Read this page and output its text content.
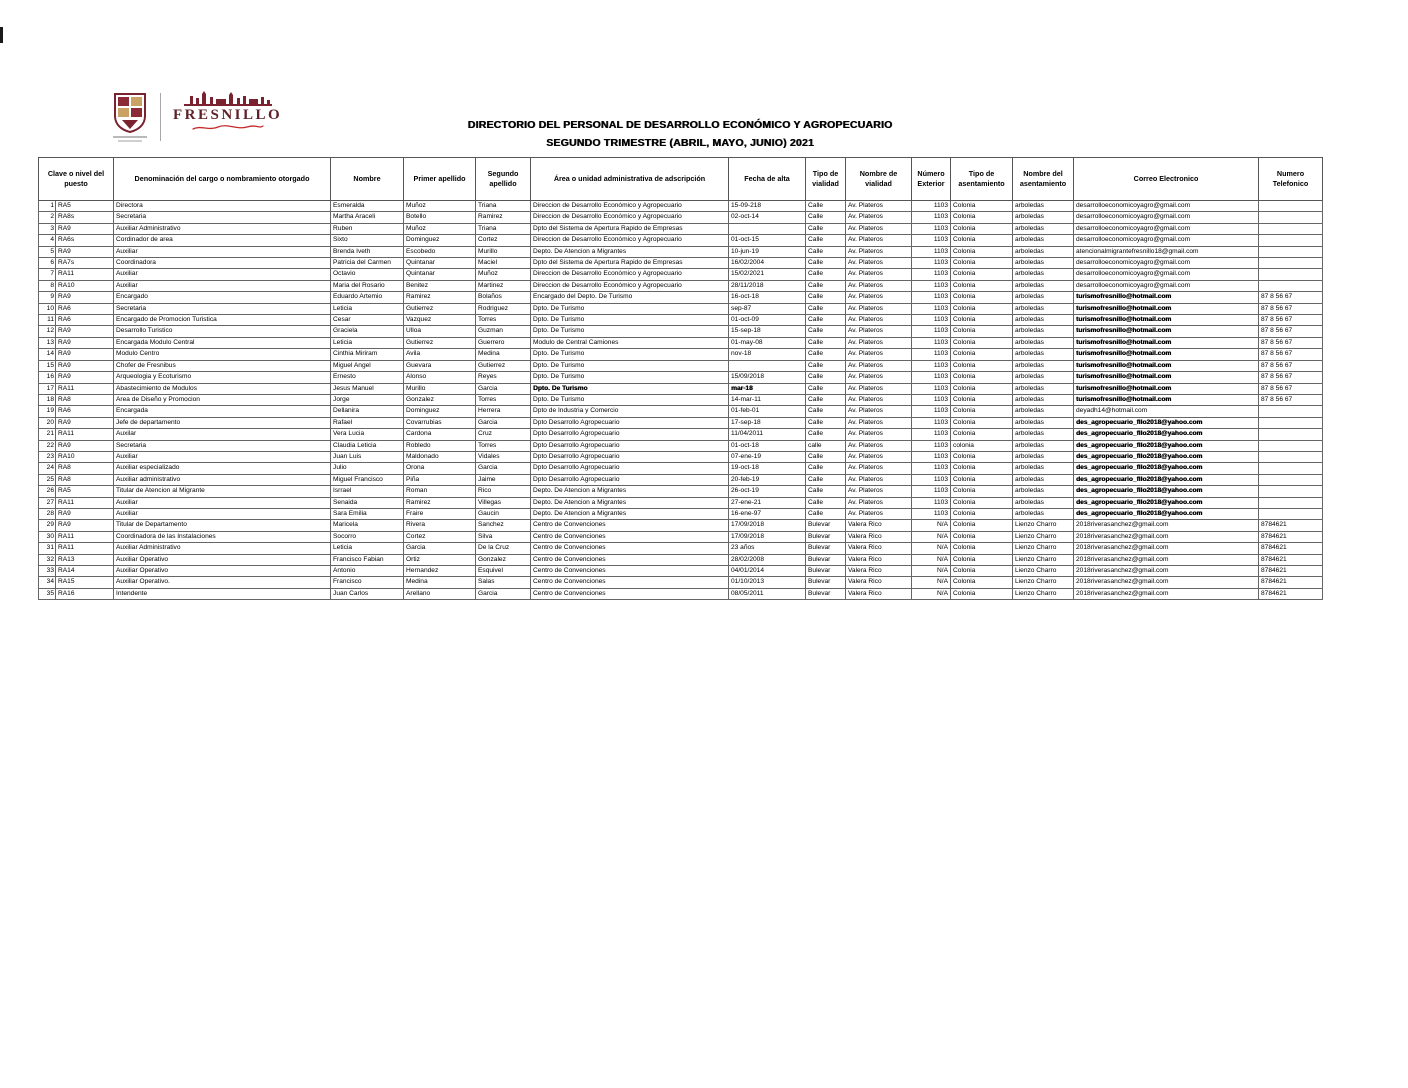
FRESNILLO
DIRECTORIO DEL PERSONAL DE DESARROLLO ECONÓMICO Y AGROPECUARIO
SEGUNDO TRIMESTRE (ABRIL, MAYO, JUNIO) 2021
Clave o nivel del puesto		Denominación del cargo o nombramiento otorgado	Nombre	Primer apellido	Segundo apellido	Área o unidad administrativa de adscripción	Fecha de alta	Tipo de vialidad	Nombre de vialidad	Número Exterior	Tipo de asentamiento	Nombre del asentamiento	Correo Electronico	Numero Telefonico
1	RA5	Directora	Esmeralda	Muñoz	Triana	Direccion de Desarrollo Económico y Agropecuario	15-09-218	Calle	Av. Plateros	1103	Colonia	arboledas	desarrolloeconomicoyagro@gmail.com	
2	RA8s	Secretaria	Martha Araceli	Botello	Ramirez	Direccion de Desarrollo Económico y Agropecuario	02-oct-14	Calle	Av. Plateros	1103	Colonia	arboledas	desarrolloeconomicoyagro@gmail.com	
3	RA9	Auxiliar Administrativo	Ruben	Muñoz	Triana	Dpto del Sistema de Apertura Rapido de Empresas		Calle	Av. Plateros	1103	Colonia	arboledas	desarrolloeconomicoyagro@gmail.com	
4	RA6s	Cordinador de area	Sixto	Dominguez	Cortez	Direccion de Desarrollo Económico y Agropecuario	01-oct-15	Calle	Av. Plateros	1103	Colonia	arboledas	desarrolloeconomicoyagro@gmail.com	
5	RA9	Auxiliar	Brenda Iveth	Escobedo	Murillo	Depto. De Atencion a Migrantes	10-jun-19	Calle	Av. Plateros	1103	Colonia	arboledas	atencionalmigrantefresnillo18@gmail.com	
6	RA7s	Coordinadora	Patricia del Carmen	Quintanar	Maciel	Dpto del Sistema de Apertura Rapido de Empresas	16/02/2004	Calle	Av. Plateros	1103	Colonia	arboledas	desarrolloeconomicoyagro@gmail.com	
7	RA11	Auxiliar	Octavio	Quintanar	Muñoz	Direccion de Desarrollo Económico y Agropecuario	15/02/2021	Calle	Av. Plateros	1103	Colonia	arboledas	desarrolloeconomicoyagro@gmail.com	
8	RA10	Auxiliar	Maria del Rosario	Benitez	Martinez	Direccion de Desarrollo Económico y Agropecuario	28/11/2018	Calle	Av. Plateros	1103	Colonia	arboledas	desarrolloeconomicoyagro@gmail.com	
9	RA9	Encargado	Eduardo Artemio	Ramirez	Bolaños	Encargado del Depto. De Turismo	16-oct-18	Calle	Av. Plateros	1103	Colonia	arboledas	turismofresnillo@hotmail.com	87 8 56 67
10	RA6	Secretaria	Leticia	Gutierrez	Rodriguez	Dpto. De Turismo	sep-87	Calle	Av. Plateros	1103	Colonia	arboledas	turismofresnillo@hotmail.com	87 8 56 67
11	RA6	Encargado de Promocion Turistica	Cesar	Vazquez	Torres	Dpto. De Turismo	01-oct-09	Calle	Av. Plateros	1103	Colonia	arboledas	turismofresnillo@hotmail.com	87 8 56 67
12	RA9	Desarrollo Turistico	Graciela	Ulloa	Guzman	Dpto. De Turismo	15-sep-18	Calle	Av. Plateros	1103	Colonia	arboledas	turismofresnillo@hotmail.com	87 8 56 67
13	RA9	Encargada Modulo Central	Leticia	Gutierrez	Guerrero	Modulo de Central Camiones	01-may-08	Calle	Av. Plateros	1103	Colonia	arboledas	turismofresnillo@hotmail.com	87 8 56 67
14	RA9	Modulo Centro	Cinthia Miriram	Avila	Medina	Dpto. De Turismo	nov-18	Calle	Av. Plateros	1103	Colonia	arboledas	turismofresnillo@hotmail.com	87 8 56 67
15	RA9	Chofer de Fresnibus	Miguel Angel	Guevara	Gutierrez	Dpto. De Turismo		Calle	Av. Plateros	1103	Colonia	arboledas	turismofresnillo@hotmail.com	87 8 56 67
16	RA9	Arqueologia y Ecoturismo	Ernesto	Alonso	Reyes	Dpto. De Turismo	15/09/2018	Calle	Av. Plateros	1103	Colonia	arboledas	turismofresnillo@hotmail.com	87 8 56 67
17	RA11	Abastecimiento de Modulos	Jesus Manuel	Murillo	Garcia	Dpto. De Turismo	mar-18	Calle	Av. Plateros	1103	Colonia	arboledas	turismofresnillo@hotmail.com	87 8 56 67
18	RA8	Area de Diseño y Promocion	Jorge	Gonzalez	Torres	Dpto. De Turismo	14-mar-11	Calle	Av. Plateros	1103	Colonia	arboledas	turismofresnillo@hotmail.com	87 8 56 67
19	RA6	Encargada	Dellanira	Dominguez	Herrera	Dpto de Industria y Comercio	01-feb-01	Calle	Av. Plateros	1103	Colonia	arboledas	deyadh14@hotmail.com	
20	RA9	Jefe de departamento	Rafael	Covarrubias	Garcia	Dpto Desarrollo Agropecuario	17-sep-18	Calle	Av. Plateros	1103	Colonia	arboledas	des_agropecuario_fllo2018@yahoo.com	
21	RA11	Auxilar	Vera Lucia	Cardona	Cruz	Dpto Desarrollo Agropecuario	11/04/2011	Calle	Av. Plateros	1103	Colonia	arboledas	des_agropecuario_fllo2018@yahoo.com	
22	RA9	Secretaria	Claudia Leticia	Robledo	Torres	Dpto Desarrollo Agropecuario	01-oct-18	calle	Av. Plateros	1103	colonia	arboledas	des_agropecuario_fllo2018@yahoo.com	
23	RA10	Auxiliar	Juan Luis	Maldonado	Vidales	Dpto Desarrollo Agropecuario	07-ene-19	Calle	Av. Plateros	1103	Colonia	arboledas	des_agropecuario_fllo2018@yahoo.com	
24	RA8	Auxiliar especializado	Julio	Orona	Garcia	Dpto Desarrollo Agropecuario	19-oct-18	Calle	Av. Plateros	1103	Colonia	arboledas	des_agropecuario_fllo2018@yahoo.com	
25	RA8	Auxiliar administrativo	Miguel Francisco	Piña	Jaime	Dpto Desarrollo Agropecuario	20-feb-19	Calle	Av. Plateros	1103	Colonia	arboledas	des_agropecuario_fllo2018@yahoo.com	
26	RA5	Titular de Atencion al Migrante	Isrrael	Roman	Rico	Depto. De Atencion a Migrantes	26-oct-19	Calle	Av. Plateros	1103	Colonia	arboledas	des_agropecuario_fllo2018@yahoo.com	
27	RA11	Auxiliar	Senaida	Ramirez	Villegas	Depto. De Atencion a Migrantes	27-ene-21	Calle	Av. Plateros	1103	Colonia	arboledas	des_agropecuario_fllo2018@yahoo.com	
28	RA9	Auxiliar	Sara Emilia	Fraire	Gaucin	Depto. De Atencion a Migrantes	16-ene-97	Calle	Av. Plateros	1103	Colonia	arboledas	des_agropecuario_fllo2018@yahoo.com	
29	RA9	Titular de Departamento	Maricela	Rivera	Sanchez	Centro de Convenciones	17/09/2018	Bulevar	Valera Rico	N/A	Colonia	Lienzo Charro	2018riverasanchez@gmail.com	8784621
30	RA11	Coordinadora de las Instalaciones	Socorro	Cortez	Silva	Centro de Convenciones	17/09/2018	Bulevar	Valera Rico	N/A	Colonia	Lienzo Charro	2018riverasanchez@gmail.com	8784621
31	RA11	Auxiliar Administrativo	Leticia	Garcia	De la Cruz	Centro de Convenciones	23 años	Bulevar	Valera Rico	N/A	Colonia	Lienzo Charro	2018riverasanchez@gmail.com	8784621
32	RA13	Auxiliar Operativo	Francisco Fabian	Ortiz	Gonzalez	Centro de Convenciones	28/02/2008	Bulevar	Valera Rico	N/A	Colonia	Lienzo Charro	2018riverasanchez@gmail.com	8784621
33	RA14	Auxiliar Operativo	Antonio	Hernandez	Esquivel	Centro de Convenciones	04/01/2014	Bulevar	Valera Rico	N/A	Colonia	Lienzo Charro	2018riverasanchez@gmail.com	8784621
34	RA15	Auxiliar Operativo.	Francisco	Medina	Salas	Centro de Convenciones	01/10/2013	Bulevar	Valera Rico	N/A	Colonia	Lienzo Charro	2018riverasanchez@gmail.com	8784621
35	RA16	Intendente	Juan Carlos	Arellano	Garcia	Centro de Convenciones	08/05/2011	Bulevar	Valera Rico	N/A	Colonia	Lienzo Charro	2018riverasanchez@gmail.com	8784621
